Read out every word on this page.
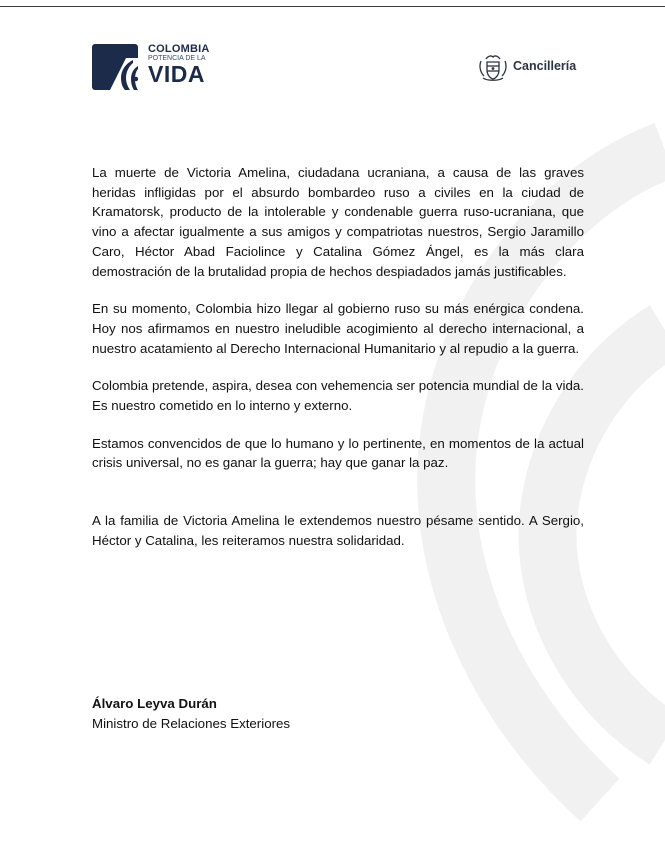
COLOMBIA
POTENCIA DE LA
VIDA	Cancillería

La muerte de Victoria Amelina, ciudadana ucraniana, a causa de las graves heridas infligidas por el absurdo bombardeo ruso a civiles en la ciudad de Kramatorsk, producto de la intolerable y condenable guerra ruso-ucraniana, que vino a afectar igualmente a sus amigos y compatriotas nuestros, Sergio Jaramillo Caro, Héctor Abad Faciolince y Catalina Gómez Ángel, es la más clara demostración de la brutalidad propia de hechos despiadados jamás justificables.

En su momento, Colombia hizo llegar al gobierno ruso su más enérgica condena. Hoy nos afirmamos en nuestro ineludible acogimiento al derecho internacional, a nuestro acatamiento al Derecho Internacional Humanitario y al repudio a la guerra.

Colombia pretende, aspira, desea con vehemencia ser potencia mundial de la vida. Es nuestro cometido en lo interno y externo.

Estamos convencidos de que lo humano y lo pertinente, en momentos de la actual crisis universal, no es ganar la guerra; hay que ganar la paz.

A la familia de Victoria Amelina le extendemos nuestro pésame sentido. A Sergio, Héctor y Catalina, les reiteramos nuestra solidaridad.

Álvaro Leyva Durán
Ministro de Relaciones Exteriores
